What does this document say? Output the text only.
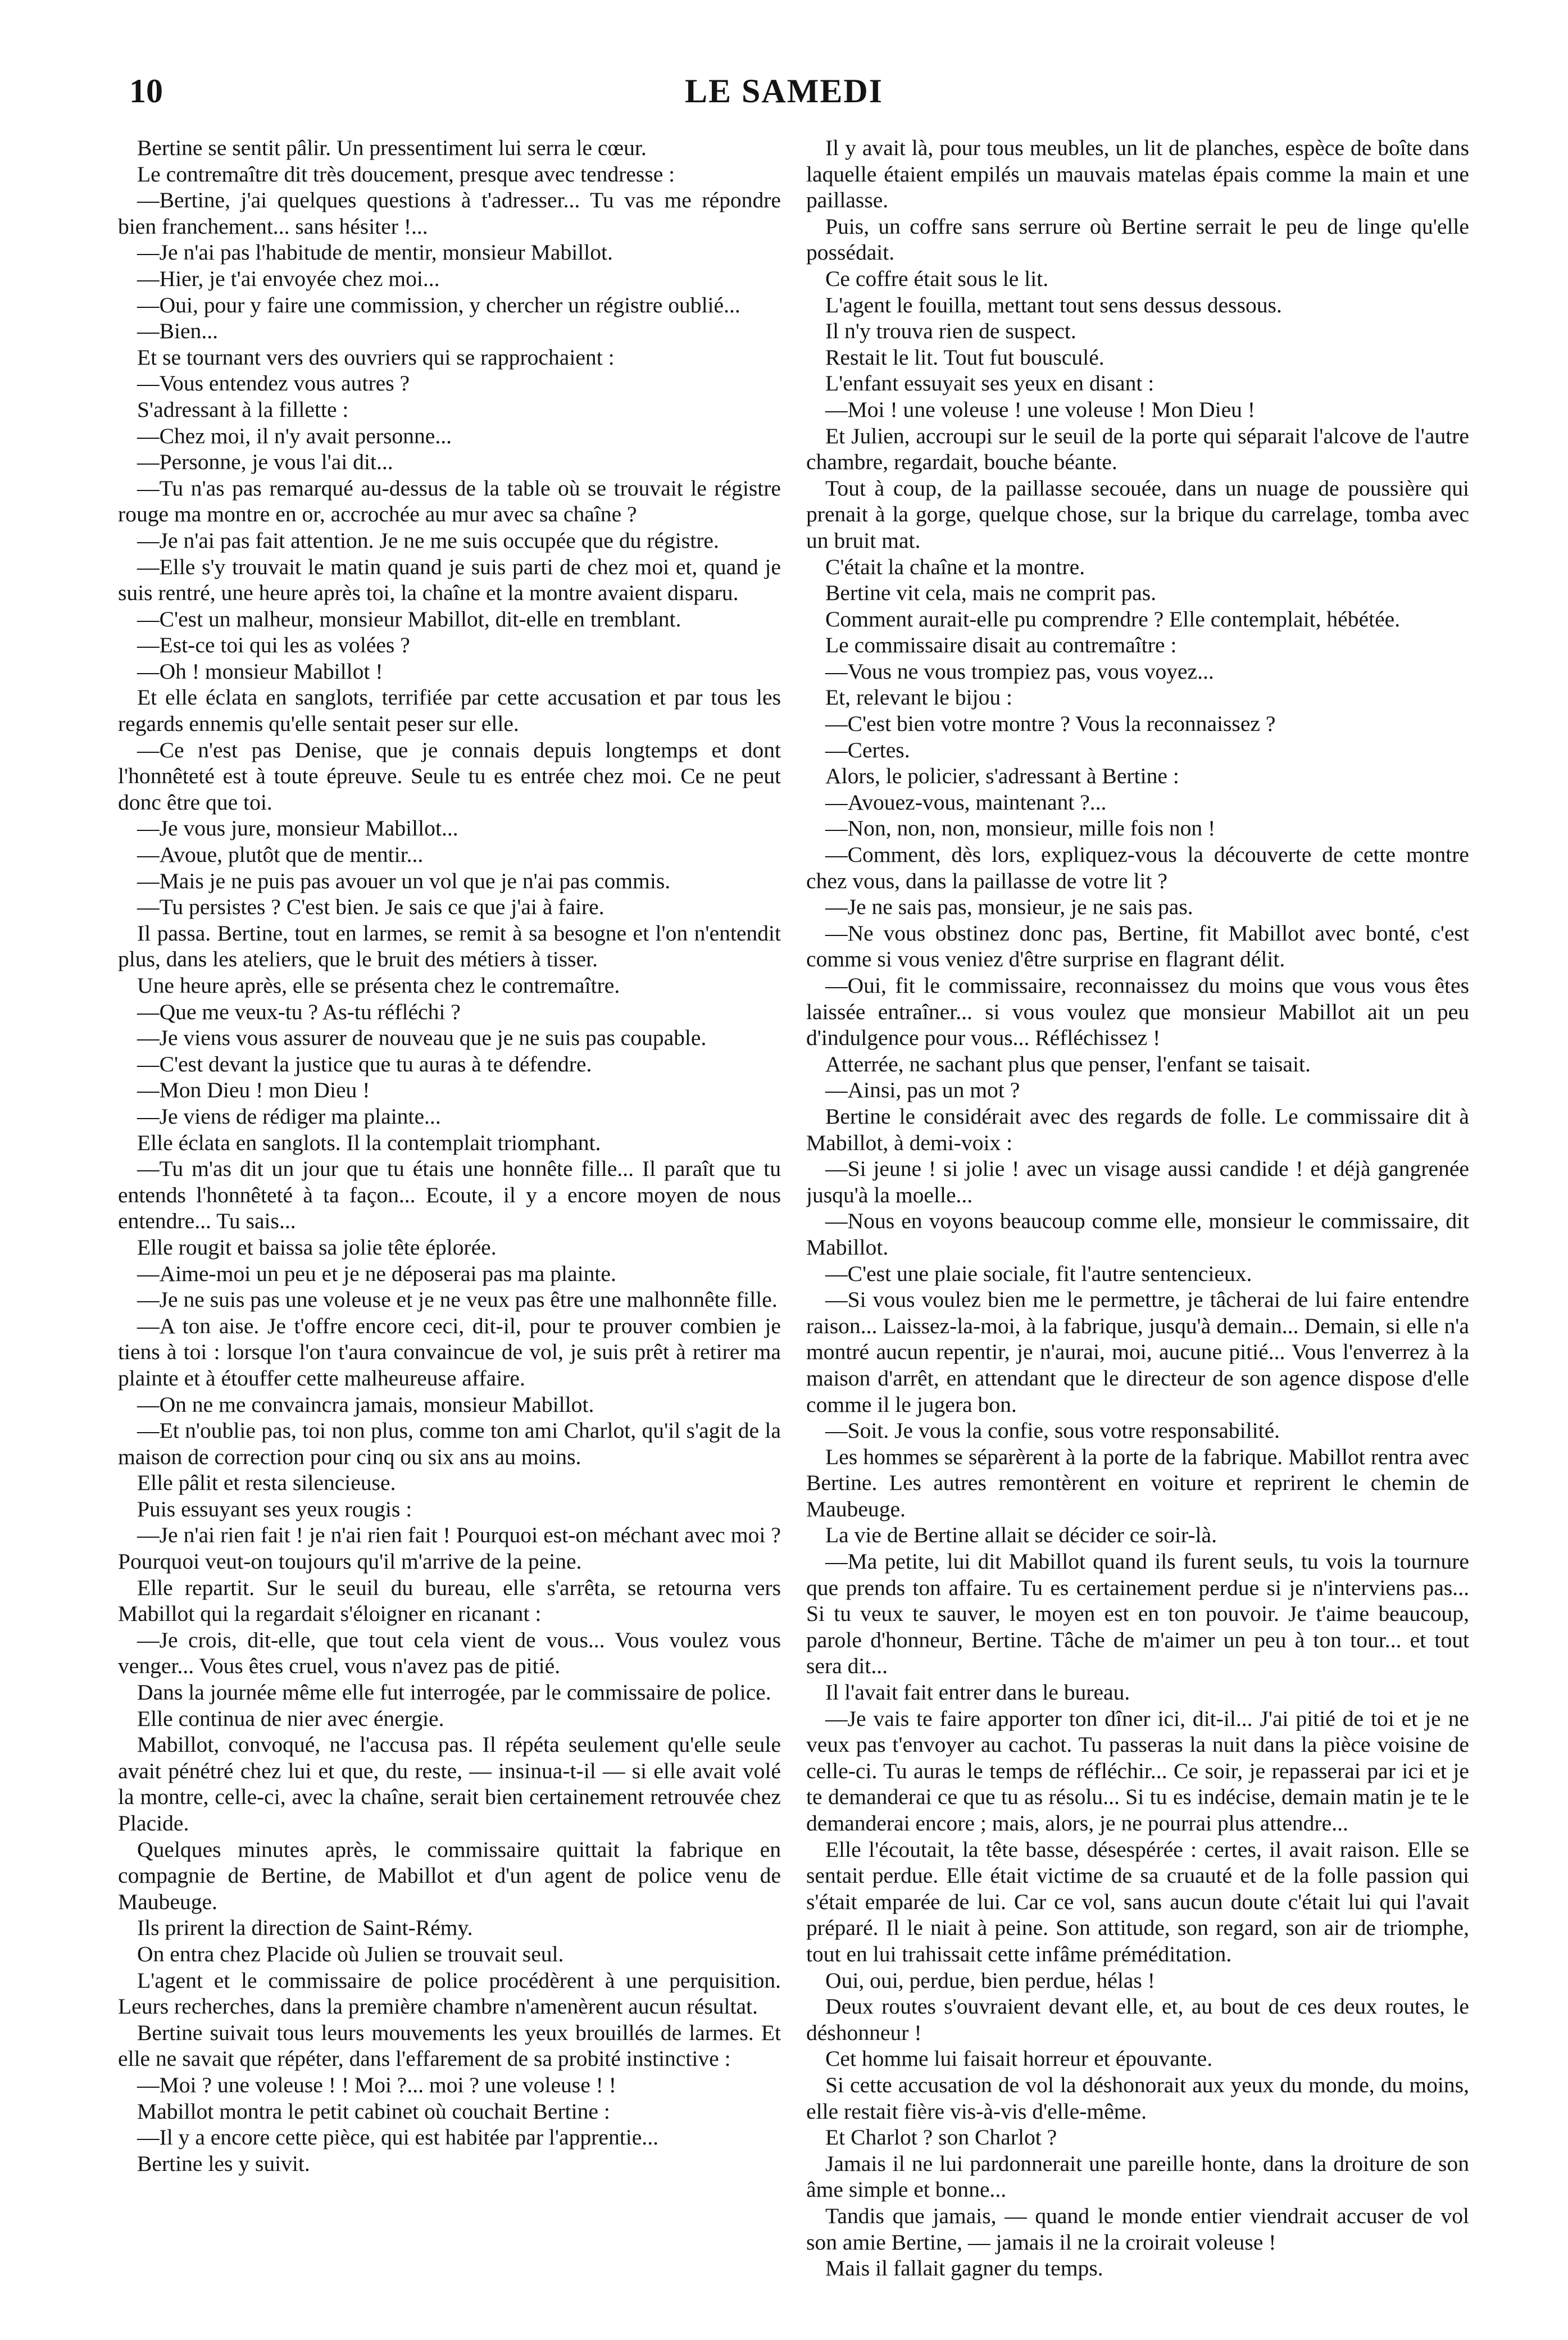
10	LE SAMEDI

Bertine se sentit pâlir. Un pressentiment lui serra le cœur.

Le contremaître dit très doucement, presque avec tendresse :

—Bertine, j'ai quelques questions à t'adresser... Tu vas me répondre bien franchement... sans hésiter !...

—Je n'ai pas l'habitude de mentir, monsieur Mabillot.

—Hier, je t'ai envoyée chez moi...

—Oui, pour y faire une commission, y chercher un régistre oublié...

—Bien...

Et se tournant vers des ouvriers qui se rapprochaient :

—Vous entendez vous autres ?

S'adressant à la fillette :

—Chez moi, il n'y avait personne...

—Personne, je vous l'ai dit...

—Tu n'as pas remarqué au-dessus de la table où se trouvait le régistre rouge ma montre en or, accrochée au mur avec sa chaîne ?

—Je n'ai pas fait attention. Je ne me suis occupée que du régistre.

—Elle s'y trouvait le matin quand je suis parti de chez moi et, quand je suis rentré, une heure après toi, la chaîne et la montre avaient disparu.

—C'est un malheur, monsieur Mabillot, dit-elle en tremblant.

—Est-ce toi qui les as volées ?

—Oh ! monsieur Mabillot !

Et elle éclata en sanglots, terrifiée par cette accusation et par tous les regards ennemis qu'elle sentait peser sur elle.

—Ce n'est pas Denise, que je connais depuis longtemps et dont l'honnêteté est à toute épreuve. Seule tu es entrée chez moi. Ce ne peut donc être que toi.

—Je vous jure, monsieur Mabillot...

—Avoue, plutôt que de mentir...

—Mais je ne puis pas avouer un vol que je n'ai pas commis.

—Tu persistes ? C'est bien. Je sais ce que j'ai à faire.

Il passa. Bertine, tout en larmes, se remit à sa besogne et l'on n'entendit plus, dans les ateliers, que le bruit des métiers à tisser.

Une heure après, elle se présenta chez le contremaître.

—Que me veux-tu ? As-tu réfléchi ?

—Je viens vous assurer de nouveau que je ne suis pas coupable.

—C'est devant la justice que tu auras à te défendre.

—Mon Dieu ! mon Dieu !

—Je viens de rédiger ma plainte...

Elle éclata en sanglots. Il la contemplait triomphant.

—Tu m'as dit un jour que tu étais une honnête fille... Il paraît que tu entends l'honnêteté à ta façon... Ecoute, il y a encore moyen de nous entendre... Tu sais...

Elle rougit et baissa sa jolie tête éplorée.

—Aime-moi un peu et je ne déposerai pas ma plainte.

—Je ne suis pas une voleuse et je ne veux pas être une malhonnête fille.

—A ton aise. Je t'offre encore ceci, dit-il, pour te prouver combien je tiens à toi : lorsque l'on t'aura convaincue de vol, je suis prêt à retirer ma plainte et à étouffer cette malheureuse affaire.

—On ne me convaincra jamais, monsieur Mabillot.

—Et n'oublie pas, toi non plus, comme ton ami Charlot, qu'il s'agit de la maison de correction pour cinq ou six ans au moins.

Elle pâlit et resta silencieuse.

Puis essuyant ses yeux rougis :

—Je n'ai rien fait ! je n'ai rien fait ! Pourquoi est-on méchant avec moi ? Pourquoi veut-on toujours qu'il m'arrive de la peine.

Elle repartit. Sur le seuil du bureau, elle s'arrêta, se retourna vers Mabillot qui la regardait s'éloigner en ricanant :

—Je crois, dit-elle, que tout cela vient de vous... Vous voulez vous venger... Vous êtes cruel, vous n'avez pas de pitié.

Dans la journée même elle fut interrogée, par le commissaire de police.

Elle continua de nier avec énergie.

Mabillot, convoqué, ne l'accusa pas. Il répéta seulement qu'elle seule avait pénétré chez lui et que, du reste, — insinua-t-il — si elle avait volé la montre, celle-ci, avec la chaîne, serait bien certainement retrouvée chez Placide.

Quelques minutes après, le commissaire quittait la fabrique en compagnie de Bertine, de Mabillot et d'un agent de police venu de Maubeuge.

Ils prirent la direction de Saint-Rémy.

On entra chez Placide où Julien se trouvait seul.

L'agent et le commissaire de police procédèrent à une perquisition. Leurs recherches, dans la première chambre n'amenèrent aucun résultat.

Bertine suivait tous leurs mouvements les yeux brouillés de larmes. Et elle ne savait que répéter, dans l'effarement de sa probité instinctive :

—Moi ? une voleuse ! ! Moi ?... moi ? une voleuse ! !

Mabillot montra le petit cabinet où couchait Bertine :

—Il y a encore cette pièce, qui est habitée par l'apprentie...

Bertine les y suivit.

Il y avait là, pour tous meubles, un lit de planches, espèce de boîte dans laquelle étaient empilés un mauvais matelas épais comme la main et une paillasse.

Puis, un coffre sans serrure où Bertine serrait le peu de linge qu'elle possédait.

Ce coffre était sous le lit.

L'agent le fouilla, mettant tout sens dessus dessous.

Il n'y trouva rien de suspect.

Restait le lit. Tout fut bousculé.

L'enfant essuyait ses yeux en disant :

—Moi ! une voleuse ! une voleuse ! Mon Dieu !

Et Julien, accroupi sur le seuil de la porte qui séparait l'alcove de l'autre chambre, regardait, bouche béante.

Tout à coup, de la paillasse secouée, dans un nuage de poussière qui prenait à la gorge, quelque chose, sur la brique du carrelage, tomba avec un bruit mat.

C'était la chaîne et la montre.

Bertine vit cela, mais ne comprit pas.

Comment aurait-elle pu comprendre ? Elle contemplait, hébétée.

Le commissaire disait au contremaître :

—Vous ne vous trompiez pas, vous voyez...

Et, relevant le bijou :

—C'est bien votre montre ? Vous la reconnaissez ?

—Certes.

Alors, le policier, s'adressant à Bertine :

—Avouez-vous, maintenant ?...

—Non, non, non, monsieur, mille fois non !

—Comment, dès lors, expliquez-vous la découverte de cette montre chez vous, dans la paillasse de votre lit ?

—Je ne sais pas, monsieur, je ne sais pas.

—Ne vous obstinez donc pas, Bertine, fit Mabillot avec bonté, c'est comme si vous veniez d'être surprise en flagrant délit.

—Oui, fit le commissaire, reconnaissez du moins que vous vous êtes laissée entraîner... si vous voulez que monsieur Mabillot ait un peu d'indulgence pour vous... Réfléchissez !

Atterrée, ne sachant plus que penser, l'enfant se taisait.

—Ainsi, pas un mot ?

Bertine le considérait avec des regards de folle. Le commissaire dit à Mabillot, à demi-voix :

—Si jeune ! si jolie ! avec un visage aussi candide ! et déjà gangrenée jusqu'à la moelle...

—Nous en voyons beaucoup comme elle, monsieur le commissaire, dit Mabillot.

—C'est une plaie sociale, fit l'autre sentencieux.

—Si vous voulez bien me le permettre, je tâcherai de lui faire entendre raison... Laissez-la-moi, à la fabrique, jusqu'à demain... Demain, si elle n'a montré aucun repentir, je n'aurai, moi, aucune pitié... Vous l'enverrez à la maison d'arrêt, en attendant que le directeur de son agence dispose d'elle comme il le jugera bon.

—Soit. Je vous la confie, sous votre responsabilité.

Les hommes se séparèrent à la porte de la fabrique. Mabillot rentra avec Bertine. Les autres remontèrent en voiture et reprirent le chemin de Maubeuge.

La vie de Bertine allait se décider ce soir-là.

—Ma petite, lui dit Mabillot quand ils furent seuls, tu vois la tournure que prends ton affaire. Tu es certainement perdue si je n'interviens pas... Si tu veux te sauver, le moyen est en ton pouvoir. Je t'aime beaucoup, parole d'honneur, Bertine. Tâche de m'aimer un peu à ton tour... et tout sera dit...

Il l'avait fait entrer dans le bureau.

—Je vais te faire apporter ton dîner ici, dit-il... J'ai pitié de toi et je ne veux pas t'envoyer au cachot. Tu passeras la nuit dans la pièce voisine de celle-ci. Tu auras le temps de réfléchir... Ce soir, je repasserai par ici et je te demanderai ce que tu as résolu... Si tu es indécise, demain matin je te le demanderai encore ; mais, alors, je ne pourrai plus attendre...

Elle l'écoutait, la tête basse, désespérée : certes, il avait raison. Elle se sentait perdue. Elle était victime de sa cruauté et de la folle passion qui s'était emparée de lui. Car ce vol, sans aucun doute c'était lui qui l'avait préparé. Il le niait à peine. Son attitude, son regard, son air de triomphe, tout en lui trahissait cette infâme préméditation.

Oui, oui, perdue, bien perdue, hélas !

Deux routes s'ouvraient devant elle, et, au bout de ces deux routes, le déshonneur !

Cet homme lui faisait horreur et épouvante.

Si cette accusation de vol la déshonorait aux yeux du monde, du moins, elle restait fière vis-à-vis d'elle-même.

Et Charlot ? son Charlot ?

Jamais il ne lui pardonnerait une pareille honte, dans la droiture de son âme simple et bonne...

Tandis que jamais, — quand le monde entier viendrait accuser de vol son amie Bertine, — jamais il ne la croirait voleuse !

Mais il fallait gagner du temps.
